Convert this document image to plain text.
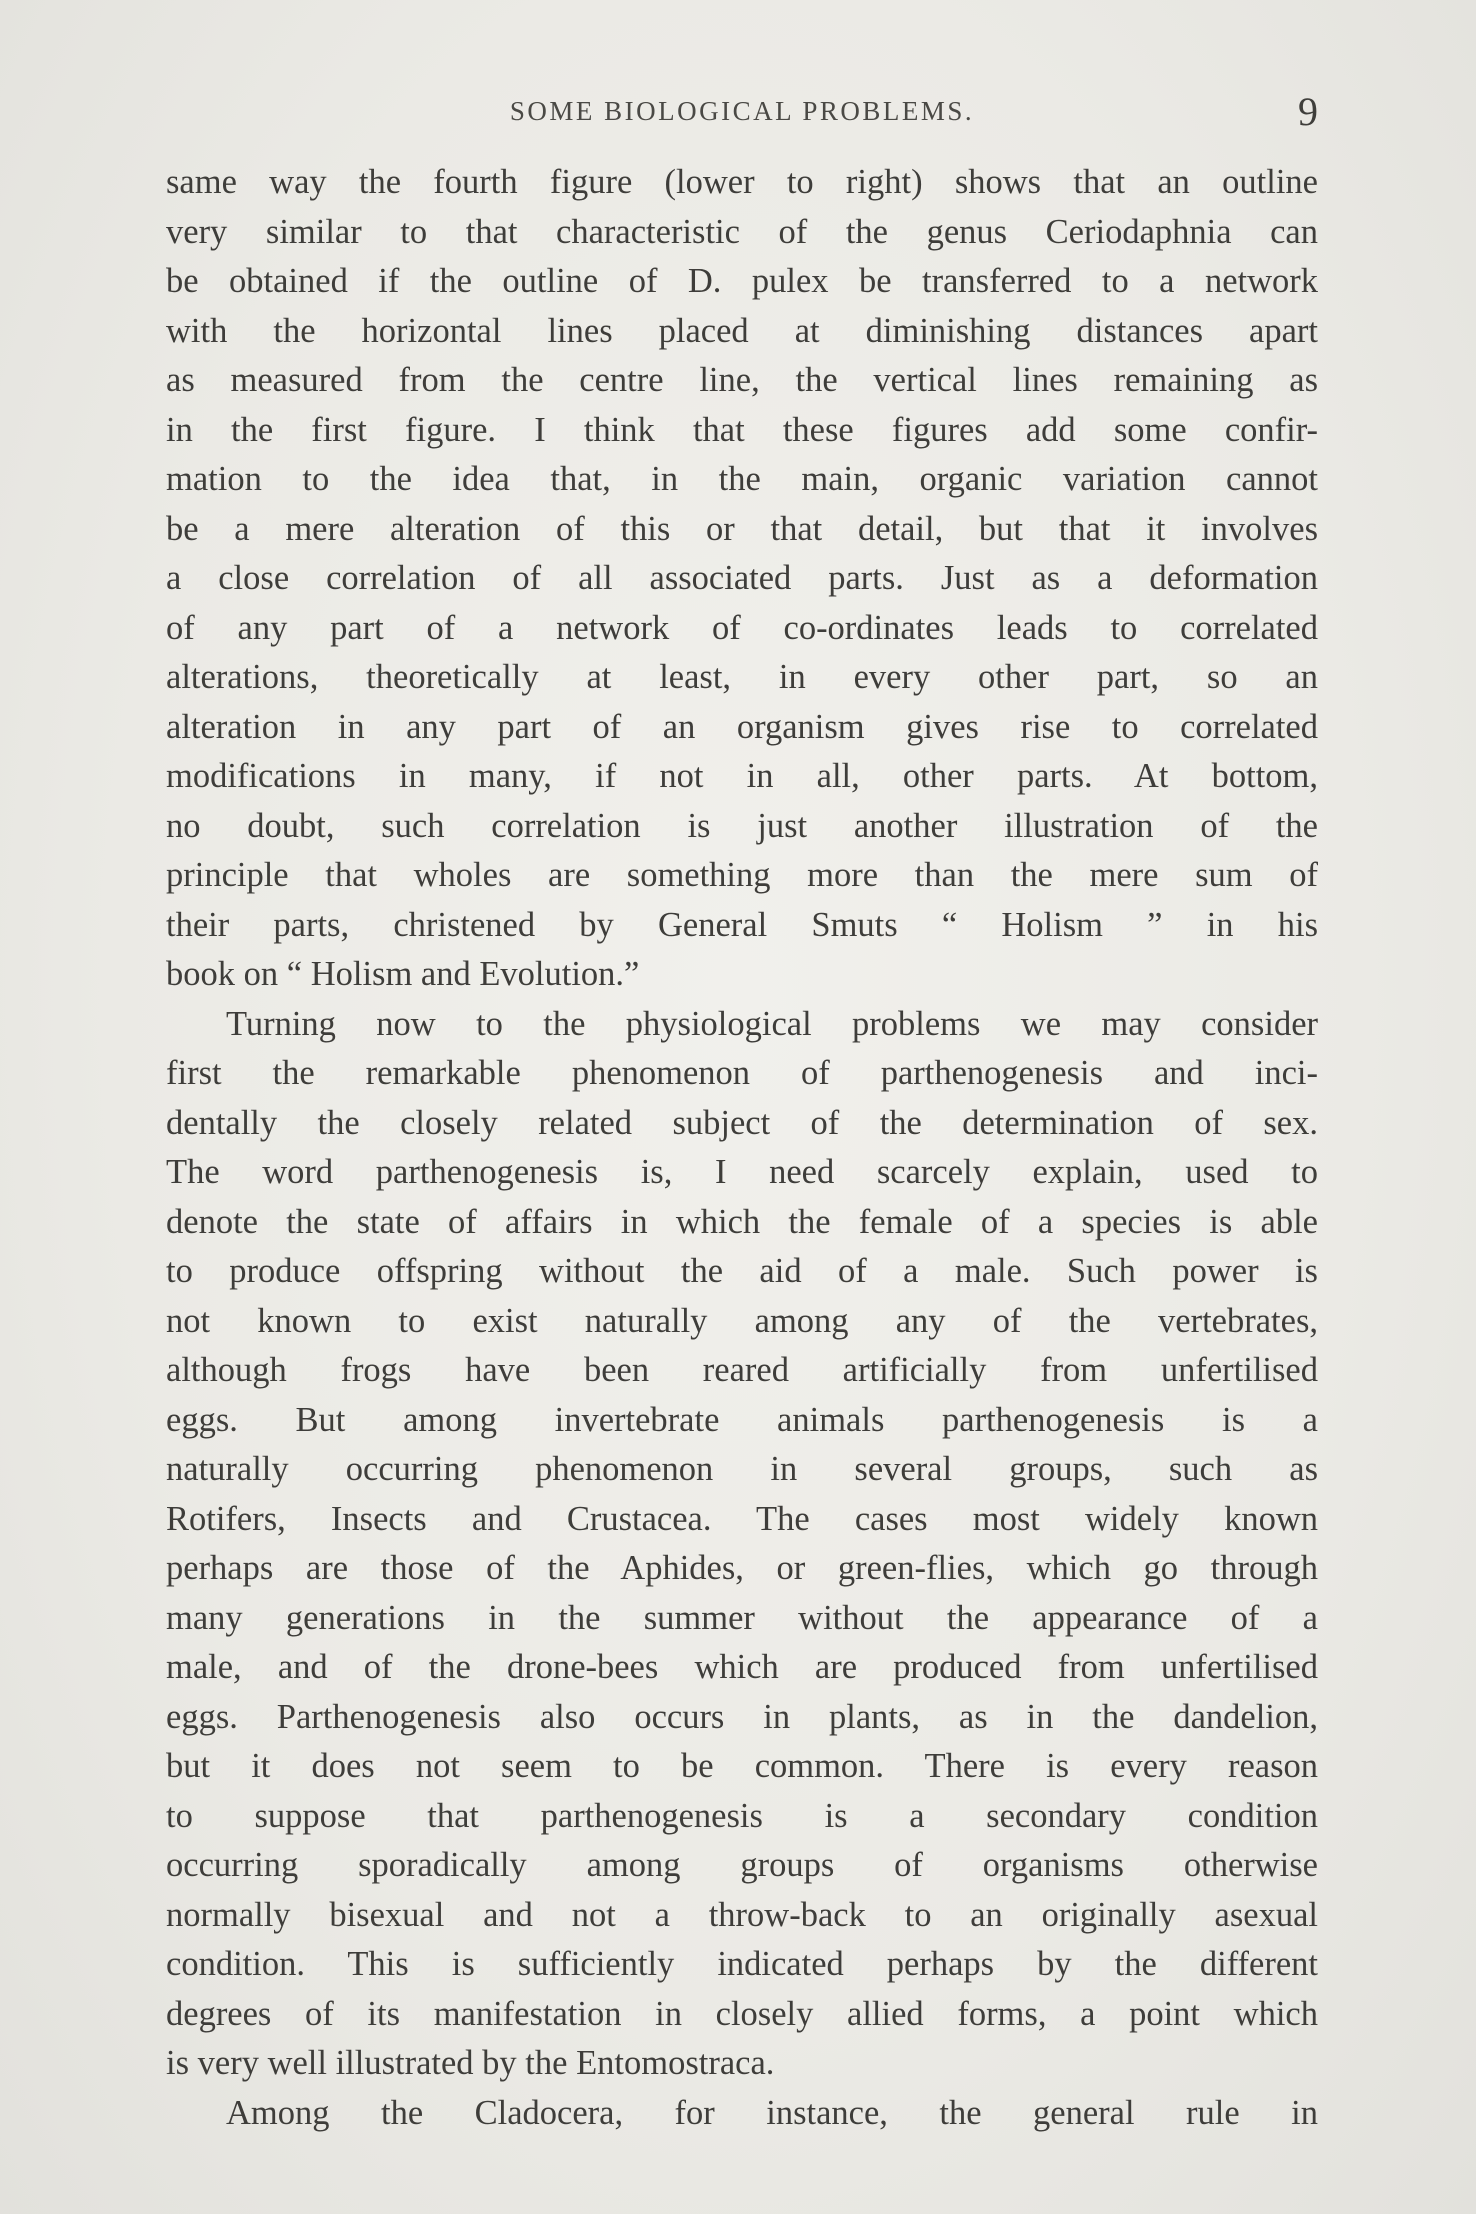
SOME BIOLOGICAL PROBLEMS.	9
same way the fourth figure (lower to right) shows that an outline
very similar to that characteristic of the genus Ceriodaphnia can
be obtained if the outline of D. pulex be transferred to a network
with the horizontal lines placed at diminishing distances apart
as measured from the centre line, the vertical lines remaining as
in the first figure. I think that these figures add some confir-
mation to the idea that, in the main, organic variation cannot
be a mere alteration of this or that detail, but that it involves
a close correlation of all associated parts. Just as a deformation
of any part of a network of co-ordinates leads to correlated
alterations, theoretically at least, in every other part, so an
alteration in any part of an organism gives rise to correlated
modifications in many, if not in all, other parts. At bottom,
no doubt, such correlation is just another illustration of the
principle that wholes are something more than the mere sum of
their parts, christened by General Smuts “ Holism ” in his
book on “ Holism and Evolution.”
Turning now to the physiological problems we may consider
first the remarkable phenomenon of parthenogenesis and inci-
dentally the closely related subject of the determination of sex.
The word parthenogenesis is, I need scarcely explain, used to
denote the state of affairs in which the female of a species is able
to produce offspring without the aid of a male. Such power is
not known to exist naturally among any of the vertebrates,
although frogs have been reared artificially from unfertilised
eggs. But among invertebrate animals parthenogenesis is a
naturally occurring phenomenon in several groups, such as
Rotifers, Insects and Crustacea. The cases most widely known
perhaps are those of the Aphides, or green-flies, which go through
many generations in the summer without the appearance of a
male, and of the drone-bees which are produced from unfertilised
eggs. Parthenogenesis also occurs in plants, as in the dandelion,
but it does not seem to be common. There is every reason
to suppose that parthenogenesis is a secondary condition
occurring sporadically among groups of organisms otherwise
normally bisexual and not a throw-back to an originally asexual
condition. This is sufficiently indicated perhaps by the different
degrees of its manifestation in closely allied forms, a point which
is very well illustrated by the Entomostraca.
Among the Cladocera, for instance, the general rule in
